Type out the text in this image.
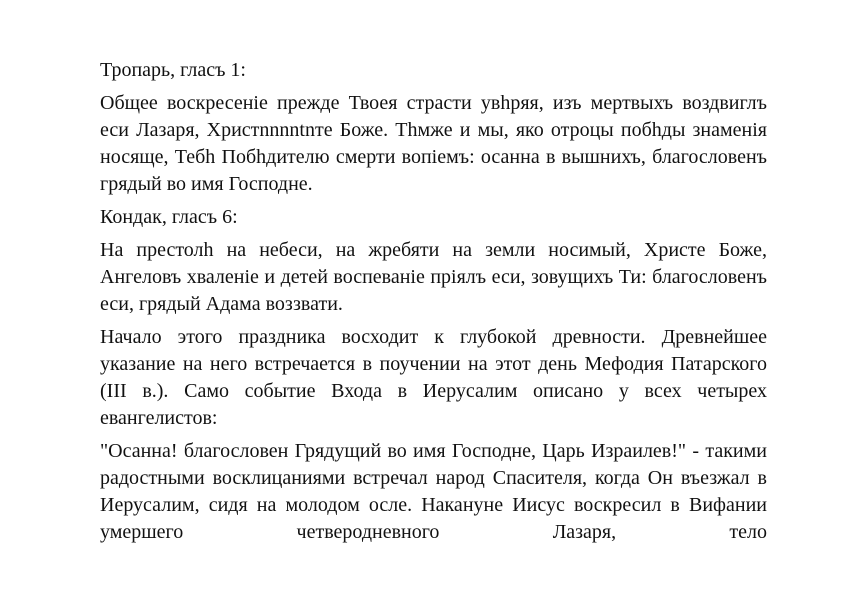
Тропарь, гласъ 1:
Общее воскресеніе прежде Твоея страсти увhряя, изъ мертвыхъ воздвиглъ еси Лазаря, Христnnnntnте Боже. Тhмже и мы, яко отроцы побhды знаменія носяще, Тебh Побhдителю смерти вопіемъ: осанна в вышнихъ, благословенъ грядый во имя Господне.
Кондак, гласъ 6:
На престолh на небеси, на жребяти на земли носимый, Христе Боже, Ангеловъ хваленіе и детей воспеваніе пріялъ еси, зовущихъ Ти: благословенъ еси, грядый Адама воззвати.
Начало этого праздника восходит к глубокой древности. Древнейшее указание на него встречается в поучении на этот день Мефодия Патарского (III в.). Само событие Входа в Иерусалим описано у всех четырех евангелистов:
"Осанна! благословен Грядущий во имя Господне, Царь Израилев!" - такими радостными восклицаниями встречал народ Спасителя, когда Он въезжал в Иерусалим, сидя на молодом осле. Накануне Иисус воскресил в Вифании умершего четверодневного Лазаря, тело
